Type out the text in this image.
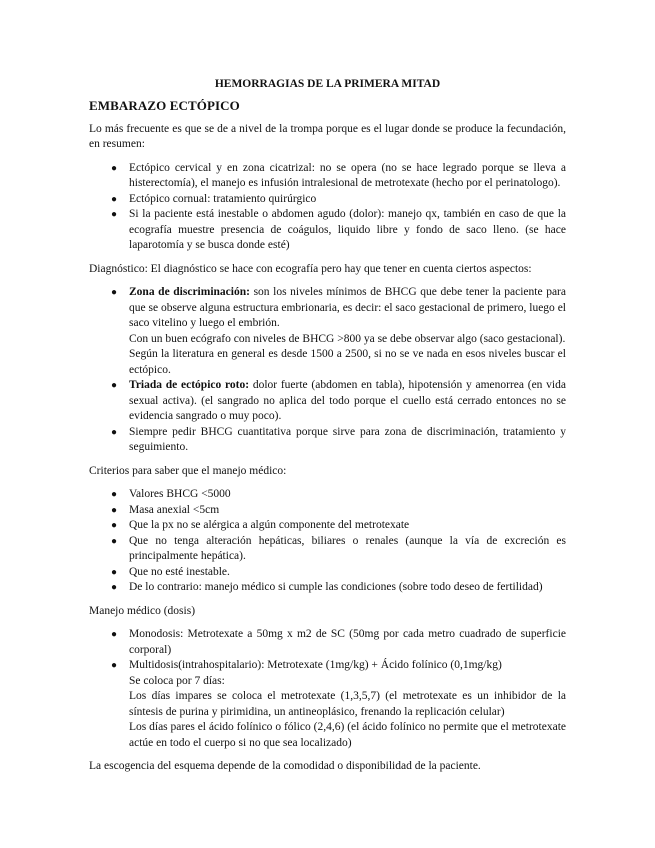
HEMORRAGIAS DE LA PRIMERA MITAD
EMBARAZO ECTÓPICO

Lo más frecuente es que se de a nivel de la trompa porque es el lugar donde se produce la fecundación, en resumen:

● Ectópico cervical y en zona cicatrizal: no se opera (no se hace legrado porque se lleva a histerectomía), el manejo es infusión intralesional de metrotexate (hecho por el perinatologo).
● Ectópico cornual: tratamiento quirúrgico
● Si la paciente está inestable o abdomen agudo (dolor): manejo qx, también en caso de que la ecografía muestre presencia de coágulos, liquido libre y fondo de saco lleno. (se hace laparotomía y se busca donde esté)

Diagnóstico: El diagnóstico se hace con ecografía pero hay que tener en cuenta ciertos aspectos:

● Zona de discriminación: son los niveles mínimos de BHCG que debe tener la paciente para que se observe alguna estructura embrionaria, es decir: el saco gestacional de primero, luego el saco vitelino y luego el embrión.
Con un buen ecógrafo con niveles de BHCG >800 ya se debe observar algo (saco gestacional).
Según la literatura en general es desde 1500 a 2500, si no se ve nada en esos niveles buscar el ectópico.
● Triada de ectópico roto: dolor fuerte (abdomen en tabla), hipotensión y amenorrea (en vida sexual activa). (el sangrado no aplica del todo porque el cuello está cerrado entonces no se evidencia sangrado o muy poco).
● Siempre pedir BHCG cuantitativa porque sirve para zona de discriminación, tratamiento y seguimiento.

Criterios para saber que el manejo médico:

● Valores BHCG <5000
● Masa anexial <5cm
● Que la px no se alérgica a algún componente del metrotexate
● Que no tenga alteración hepáticas, biliares o renales (aunque la vía de excreción es principalmente hepática).
● Que no esté inestable.
● De lo contrario: manejo médico si cumple las condiciones (sobre todo deseo de fertilidad)

Manejo médico (dosis)

● Monodosis: Metrotexate a 50mg x m2 de SC (50mg por cada metro cuadrado de superficie corporal)
● Multidosis(intrahospitalario): Metrotexate (1mg/kg) + Ácido folínico (0,1mg/kg)
Se coloca por 7 días:
Los días impares se coloca el metrotexate (1,3,5,7) (el metrotexate es un inhibidor de la síntesis de purina y pirimidina, un antineoplásico, frenando la replicación celular)
Los días pares el ácido folínico o fólico (2,4,6) (el ácido folínico no permite que el metrotexate actúe en todo el cuerpo si no que sea localizado)

La escogencia del esquema depende de la comodidad o disponibilidad de la paciente.
